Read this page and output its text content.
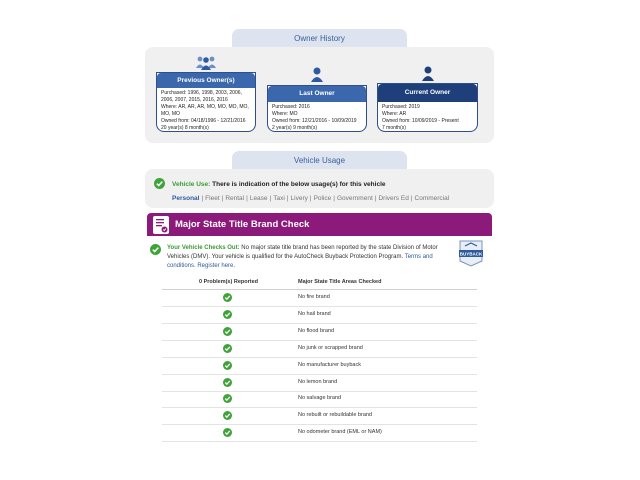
Owner History
Previous Owner(s)
Purchased: 1996, 1998, 2003, 2006,
2006, 2007, 2015, 2016, 2016
Where: AR, AR, AR, MO, MO, MO, MO,
MO, MO
Owned from: 04/18/1996 - 12/21/2016
20 year(s) 8 month(s)
Last Owner
Purchased: 2016
Where: MO
Owned from: 12/21/2016 - 10/09/2019
2 year(s) 9 month(s)
Current Owner
Purchased: 2019
Where: AR
Owned from: 10/09/2019 - Present
7 month(s)
Vehicle Usage
Vehicle Use: There is indication of the below usage(s) for this vehicle
Personal | Fleet | Rental | Lease | Taxi | Livery | Police | Government | Drivers Ed | Commercial
Major State Title Brand Check
Your Vehicle Checks Out: No major state title brand has been reported by the state Division of Motor Vehicles (DMV). Your vehicle is qualified for the AutoCheck Buyback Protection Program. Terms and conditions. Register here.
BUYBACK
0 Problem(s) Reported	Major State Title Areas Checked
No fire brand
No hail brand
No flood brand
No junk or scrapped brand
No manufacturer buyback
No lemon brand
No salvage brand
No rebuilt or rebuildable brand
No odometer brand (EML or NAM)
